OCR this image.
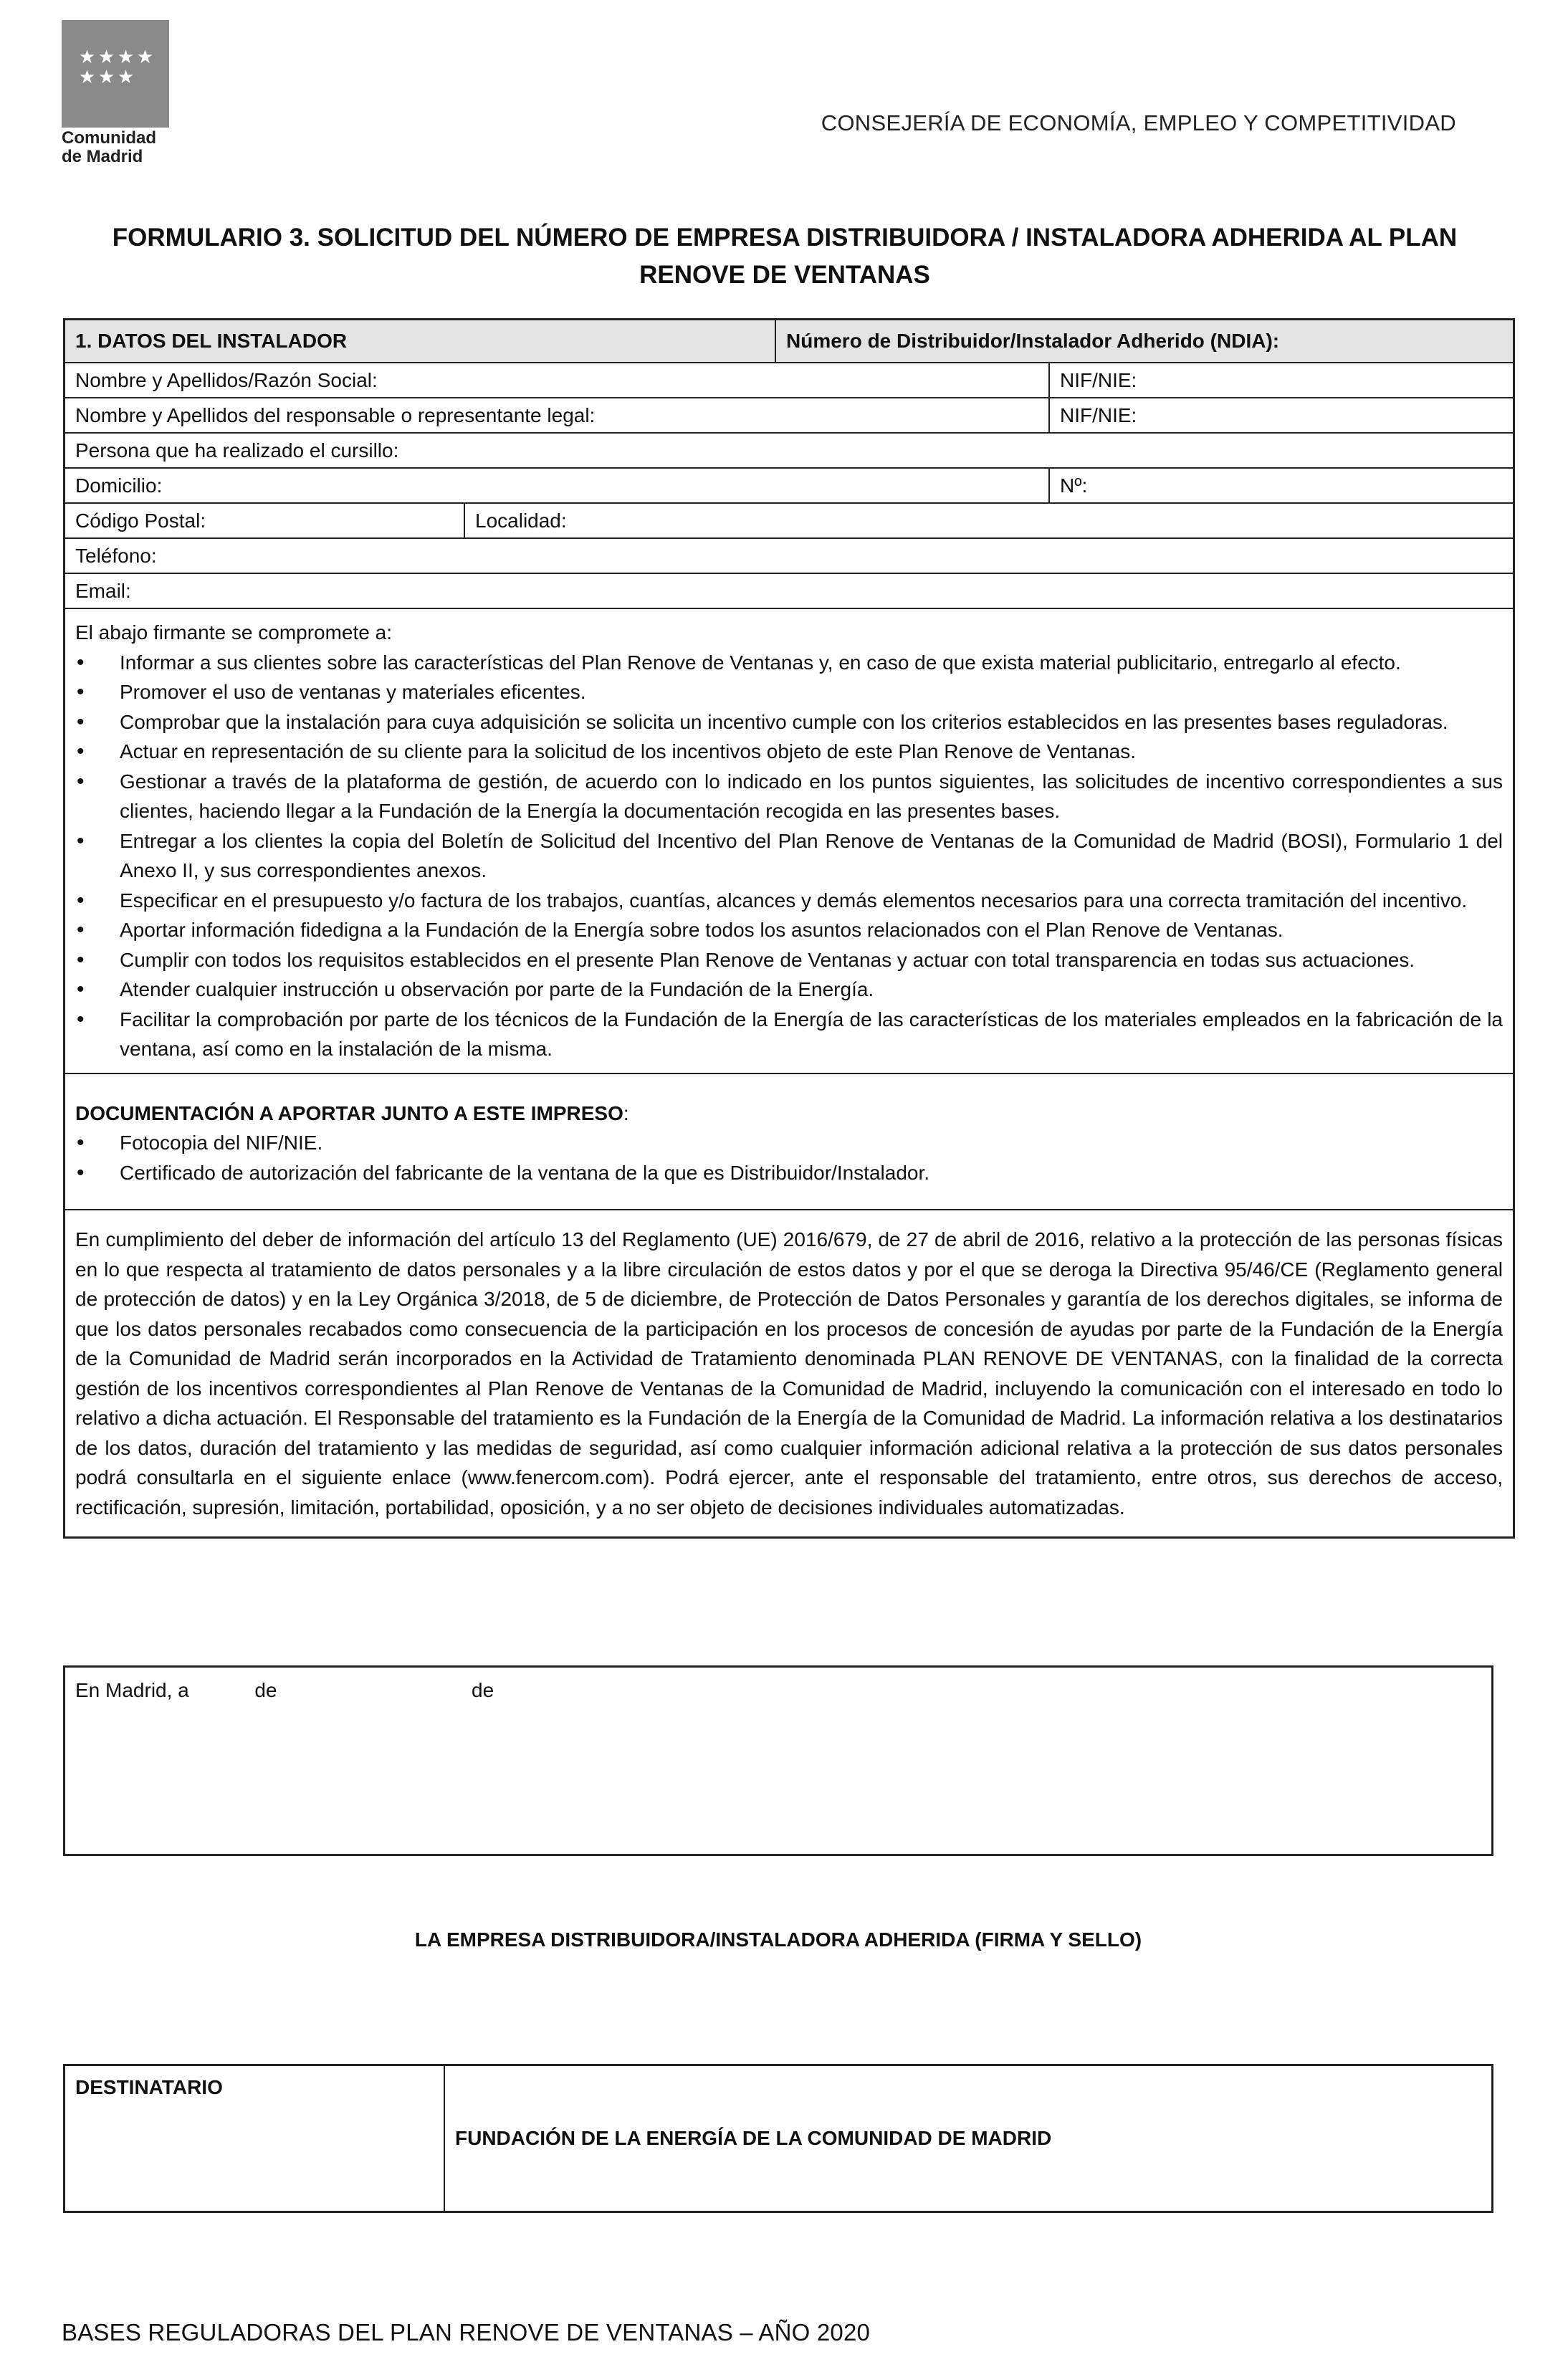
★ ★ ★ ★
★ ★ ★
Comunidad
de Madrid
CONSEJERÍA DE ECONOMÍA, EMPLEO Y COMPETITIVIDAD
FORMULARIO 3. SOLICITUD DEL NÚMERO DE EMPRESA DISTRIBUIDORA / INSTALADORA ADHERIDA AL PLAN
RENOVE DE VENTANAS
1. DATOS DEL INSTALADOR	Número de Distribuidor/Instalador Adherido (NDIA):
Nombre y Apellidos/Razón Social:	NIF/NIE:
Nombre y Apellidos del responsable o representante legal:	NIF/NIE:
Persona que ha realizado el cursillo:
Domicilio:	Nº:
Código Postal:	Localidad:
Teléfono:
Email:
El abajo firmante se compromete a:
• Informar a sus clientes sobre las características del Plan Renove de Ventanas y, en caso de que exista material publicitario, entregarlo al efecto.
• Promover el uso de ventanas y materiales eficentes.
• Comprobar que la instalación para cuya adquisición se solicita un incentivo cumple con los criterios establecidos en las presentes bases reguladoras.
• Actuar en representación de su cliente para la solicitud de los incentivos objeto de este Plan Renove de Ventanas.
• Gestionar a través de la plataforma de gestión, de acuerdo con lo indicado en los puntos siguientes, las solicitudes de incentivo correspondientes a sus clientes, haciendo llegar a la Fundación de la Energía la documentación recogida en las presentes bases.
• Entregar a los clientes la copia del Boletín de Solicitud del Incentivo del Plan Renove de Ventanas de la Comunidad de Madrid (BOSI), Formulario 1 del Anexo II, y sus correspondientes anexos.
• Especificar en el presupuesto y/o factura de los trabajos, cuantías, alcances y demás elementos necesarios para una correcta tramitación del incentivo.
• Aportar información fidedigna a la Fundación de la Energía sobre todos los asuntos relacionados con el Plan Renove de Ventanas.
• Cumplir con todos los requisitos establecidos en el presente Plan Renove de Ventanas y actuar con total transparencia en todas sus actuaciones.
• Atender cualquier instrucción u observación por parte de la Fundación de la Energía.
• Facilitar la comprobación por parte de los técnicos de la Fundación de la Energía de las características de los materiales empleados en la fabricación de la ventana, así como en la instalación de la misma.
DOCUMENTACIÓN A APORTAR JUNTO A ESTE IMPRESO:
• Fotocopia del NIF/NIE.
• Certificado de autorización del fabricante de la ventana de la que es Distribuidor/Instalador.
En cumplimiento del deber de información del artículo 13 del Reglamento (UE) 2016/679, de 27 de abril de 2016, relativo a la protección de las personas físicas en lo que respecta al tratamiento de datos personales y a la libre circulación de estos datos y por el que se deroga la Directiva 95/46/CE (Reglamento general de protección de datos) y en la Ley Orgánica 3/2018, de 5 de diciembre, de Protección de Datos Personales y garantía de los derechos digitales, se informa de que los datos personales recabados como consecuencia de la participación en los procesos de concesión de ayudas por parte de la Fundación de la Energía de la Comunidad de Madrid serán incorporados en la Actividad de Tratamiento denominada PLAN RENOVE DE VENTANAS, con la finalidad de la correcta gestión de los incentivos correspondientes al Plan Renove de Ventanas de la Comunidad de Madrid, incluyendo la comunicación con el interesado en todo lo relativo a dicha actuación. El Responsable del tratamiento es la Fundación de la Energía de la Comunidad de Madrid. La información relativa a los destinatarios de los datos, duración del tratamiento y las medidas de seguridad, así como cualquier información adicional relativa a la protección de sus datos personales podrá consultarla en el siguiente enlace (www.fenercom.com). Podrá ejercer, ante el responsable del tratamiento, entre otros, sus derechos de acceso, rectificación, supresión, limitación, portabilidad, oposición, y a no ser objeto de decisiones individuales automatizadas.
En Madrid, a	de	de
LA EMPRESA DISTRIBUIDORA/INSTALADORA ADHERIDA (FIRMA Y SELLO)
DESTINATARIO
FUNDACIÓN DE LA ENERGÍA DE LA COMUNIDAD DE MADRID
BASES REGULADORAS DEL PLAN RENOVE DE VENTANAS – AÑO 2020
